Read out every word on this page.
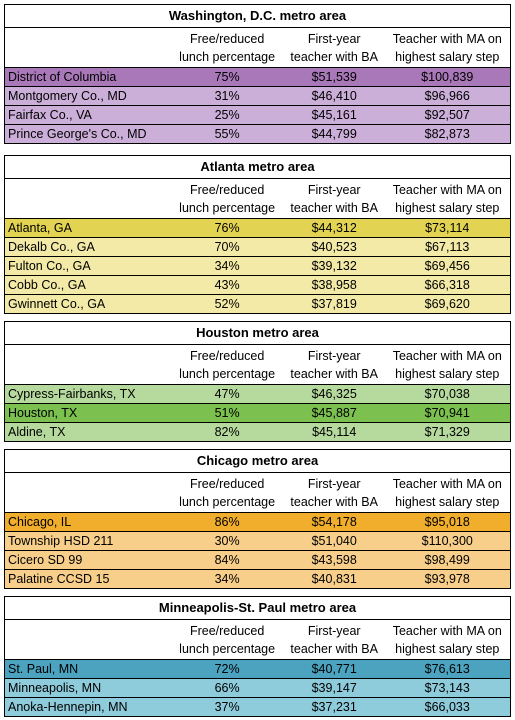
Washington, D.C. metro area
Free/reduced
lunch percentage
First-year
teacher with BA
Teacher with MA on
highest salary step
District of Columbia	75%	$51,539	$100,839
Montgomery Co., MD	31%	$46,410	$96,966
Fairfax Co., VA	25%	$45,161	$92,507
Prince George's Co., MD	55%	$44,799	$82,873
Atlanta metro area
Free/reduced
lunch percentage
First-year
teacher with BA
Teacher with MA on
highest salary step
Atlanta, GA	76%	$44,312	$73,114
Dekalb Co., GA	70%	$40,523	$67,113
Fulton Co., GA	34%	$39,132	$69,456
Cobb Co., GA	43%	$38,958	$66,318
Gwinnett Co., GA	52%	$37,819	$69,620
Houston metro area
Free/reduced
lunch percentage
First-year
teacher with BA
Teacher with MA on
highest salary step
Cypress-Fairbanks, TX	47%	$46,325	$70,038
Houston, TX	51%	$45,887	$70,941
Aldine, TX	82%	$45,114	$71,329
Chicago metro area
Free/reduced
lunch percentage
First-year
teacher with BA
Teacher with MA on
highest salary step
Chicago, IL	86%	$54,178	$95,018
Township HSD 211	30%	$51,040	$110,300
Cicero SD 99	84%	$43,598	$98,499
Palatine CCSD 15	34%	$40,831	$93,978
Minneapolis-St. Paul metro area
Free/reduced
lunch percentage
First-year
teacher with BA
Teacher with MA on
highest salary step
St. Paul, MN	72%	$40,771	$76,613
Minneapolis, MN	66%	$39,147	$73,143
Anoka-Hennepin, MN	37%	$37,231	$66,033
